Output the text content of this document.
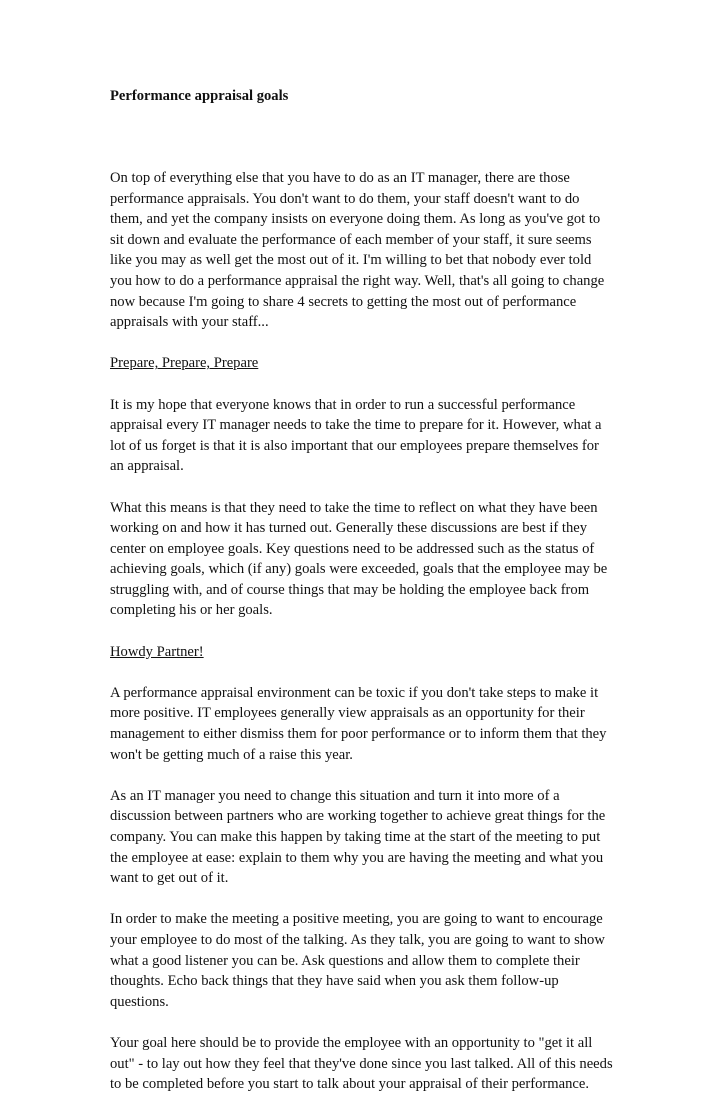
Performance appraisal goals

On top of everything else that you have to do as an IT manager, there are those
performance appraisals. You don't want to do them, your staff doesn't want to do
them, and yet the company insists on everyone doing them. As long as you've got to
sit down and evaluate the performance of each member of your staff, it sure seems
like you may as well get the most out of it. I'm willing to bet that nobody ever told
you how to do a performance appraisal the right way. Well, that's all going to change
now because I'm going to share 4 secrets to getting the most out of performance
appraisals with your staff...

Prepare, Prepare, Prepare

It is my hope that everyone knows that in order to run a successful performance
appraisal every IT manager needs to take the time to prepare for it. However, what a
lot of us forget is that it is also important that our employees prepare themselves for
an appraisal.

What this means is that they need to take the time to reflect on what they have been
working on and how it has turned out. Generally these discussions are best if they
center on employee goals. Key questions need to be addressed such as the status of
achieving goals, which (if any) goals were exceeded, goals that the employee may be
struggling with, and of course things that may be holding the employee back from
completing his or her goals.

Howdy Partner!

A performance appraisal environment can be toxic if you don't take steps to make it
more positive. IT employees generally view appraisals as an opportunity for their
management to either dismiss them for poor performance or to inform them that they
won't be getting much of a raise this year.

As an IT manager you need to change this situation and turn it into more of a
discussion between partners who are working together to achieve great things for the
company. You can make this happen by taking time at the start of the meeting to put
the employee at ease: explain to them why you are having the meeting and what you
want to get out of it.

In order to make the meeting a positive meeting, you are going to want to encourage
your employee to do most of the talking. As they talk, you are going to want to show
what a good listener you can be. Ask questions and allow them to complete their
thoughts. Echo back things that they have said when you ask them follow-up
questions.

Your goal here should be to provide the employee with an opportunity to "get it all
out" - to lay out how they feel that they've done since you last talked. All of this needs
to be completed before you start to talk about your appraisal of their performance.
